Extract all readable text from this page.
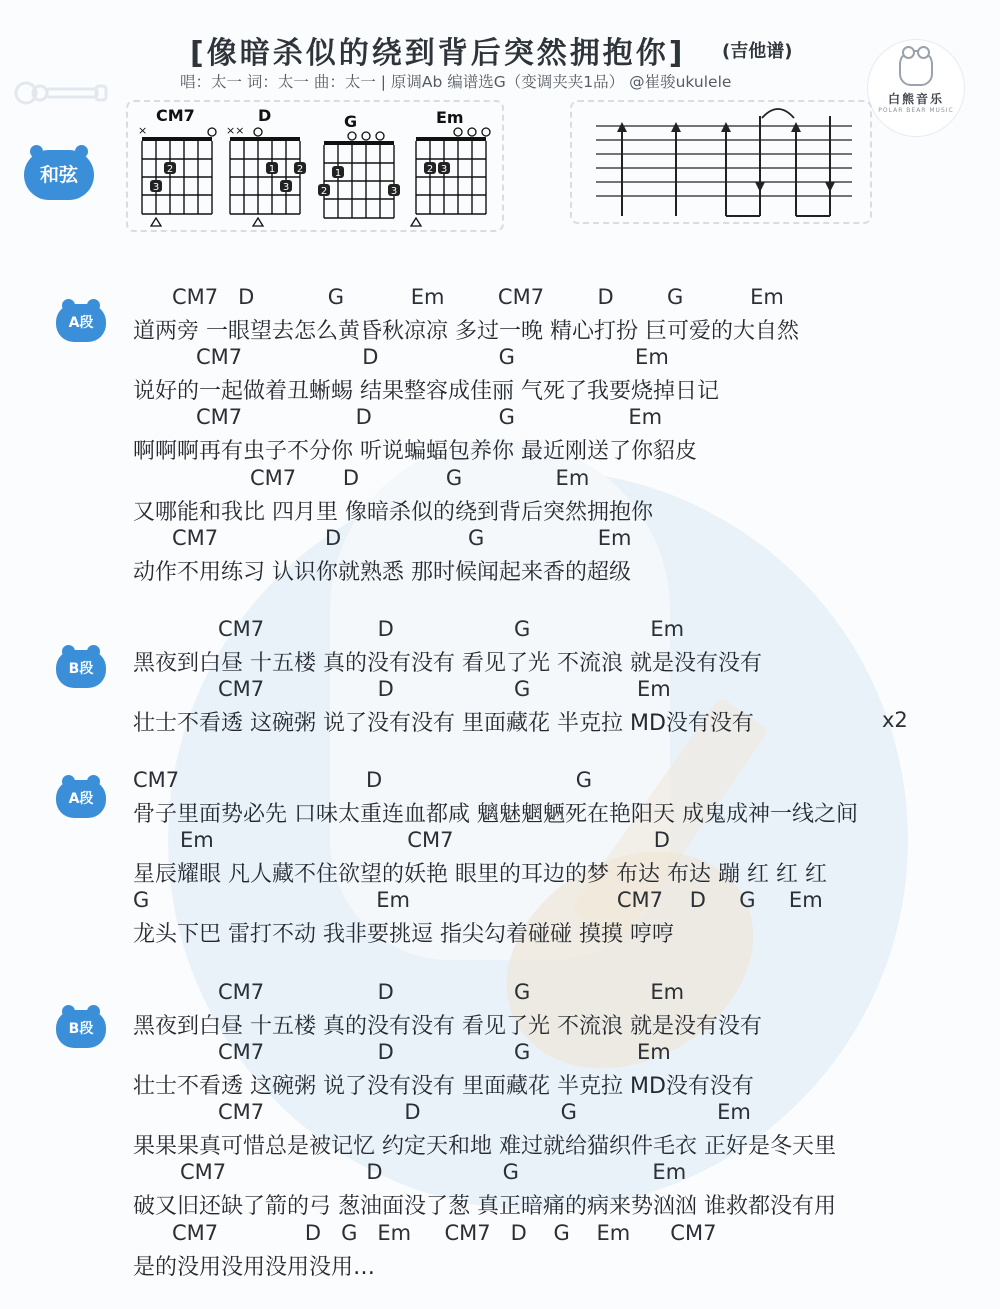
[像暗杀似的绕到背后突然拥抱你] (吉他谱)
唱：太一 词：太一 曲：太一 | 原调Ab 编谱选G（变调夹夹1品） @崔骏ukulele
白熊音乐
POLAR BEAR MUSIC
和弦
CM7
×
2
3
D
××
1 2
3
G
1
2	3
Em
2 3
A段
B段
A段
B段
CM7   D           G          Em        CM7        D        G          Em
道两旁 一眼望去怎么黄昏秋凉凉 多过一晚 精心打扮 巨可爱的大自然
CM7                  D                  G                  Em
说好的一起做着丑蜥蜴 结果整容成佳丽 气死了我要烧掉日记
CM7                 D                   G                 Em
啊啊啊再有虫子不分你 听说蝙蝠包养你 最近刚送了你貂皮
CM7       D             G              Em
又哪能和我比 四月里 像暗杀似的绕到背后突然拥抱你
CM7                D                   G                 Em
动作不用练习 认识你就熟悉 那时候闻起来香的超级
CM7                 D                  G                  Em
黑夜到白昼 十五楼 真的没有没有 看见了光 不流浪 就是没有没有
CM7                 D                  G                Em
壮士不看透 这碗粥 说了没有没有 里面藏花 半克拉 MD没有没有	x2
CM7                            D                             G
骨子里面势必先 口味太重连血都咸 魑魅魍魉死在艳阳天 成鬼成神一线之间
Em                             CM7                              D
星辰耀眼 凡人藏不住欲望的妖艳 眼里的耳边的梦 布达 布达 蹦 红 红 红
G                                  Em                               CM7    D     G     Em
龙头下巴 雷打不动 我非要挑逗 指尖勾着碰碰 摸摸 哼哼
CM7                 D                  G                  Em
黑夜到白昼 十五楼 真的没有没有 看见了光 不流浪 就是没有没有
CM7                 D                  G                Em
壮士不看透 这碗粥 说了没有没有 里面藏花 半克拉 MD没有没有
CM7                     D                     G                     Em
果果果真可惜总是被记忆 约定天和地 难过就给猫织件毛衣 正好是冬天里
CM7                     D                  G                    Em
破又旧还缺了箭的弓 葱油面没了葱 真正暗痛的病来势汹汹 谁救都没有用
CM7             D   G   Em     CM7   D    G    Em      CM7
是的没用没用没用没用…
